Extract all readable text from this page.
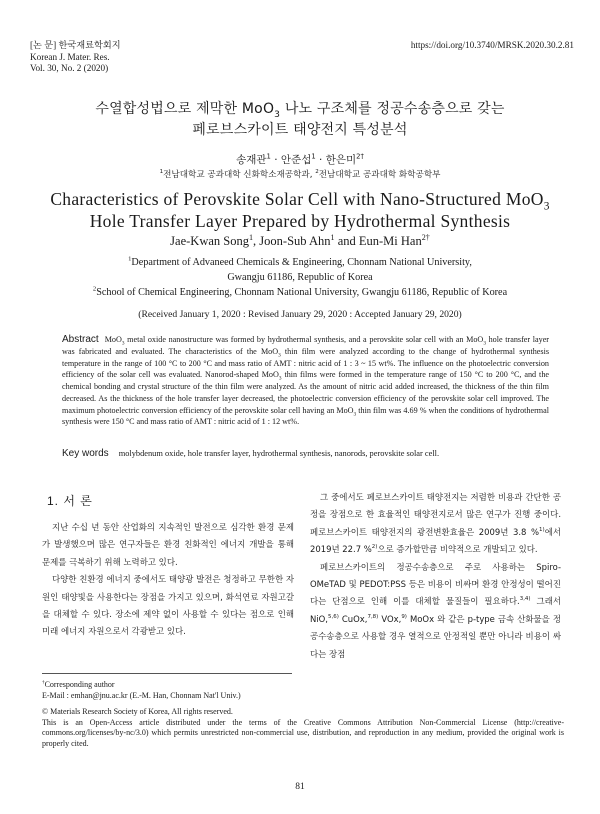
[논 문] 한국재료학회지
Korean J. Mater. Res.
Vol. 30, No. 2 (2020)
https://doi.org/10.3740/MRSK.2020.30.2.81
수열합성법으로 제막한 MoO$_3$ 나노 구조체를 정공수송층으로 갖는
페로브스카이트 태양전지 특성분석
송재관$^1$ · 안준섭$^1$ · 한은미$^{2\dagger}$
$^1$전남대학교 공과대학 신화학소재공학과, $^2$전남대학교 공과대학 화학공학부
Characteristics of Perovskite Solar Cell with Nano-Structured MoO$_3$
Hole Transfer Layer Prepared by Hydrothermal Synthesis
Jae-Kwan Song$^1$, Joon-Sub Ahn$^1$ and Eun-Mi Han$^{2\dagger}$
$^1$Department of Advaneed Chemicals & Engineering, Chonnam National University,
Gwangju 61186, Republic of Korea
$^2$School of Chemical Engineering, Chonnam National University, Gwangju 61186, Republic of Korea
(Received January 1, 2020 : Revised January 29, 2020 : Accepted January 29, 2020)
Abstract MoO$_3$ metal oxide nanostructure was formed by hydrothermal synthesis, and a perovskite solar cell with an MoO$_3$ hole transfer layer was fabricated and evaluated. The characteristics of the MoO$_3$ thin film were analyzed according to the change of hydrothermal synthesis temperature in the range of 100 °C to 200 °C and mass ratio of AMT : nitric acid of 1 : 3 ~ 15 wt%. The influence on the photoelectric conversion efficiency of the solar cell was evaluated. Nanorod-shaped MoO$_3$ thin films were formed in the temperature range of 150 °C to 200 °C, and the chemical bonding and crystal structure of the thin film were analyzed. As the amount of nitric acid added increased, the thickness of the thin film decreased. As the thickness of the hole transfer layer decreased, the photoelectric conversion efficiency of the perovskite solar cell improved. The maximum photoelectric conversion efficiency of the perovskite solar cell having an MoO$_3$ thin film was 4.69 % when the conditions of hydrothermal synthesis were 150 °C and mass ratio of AMT : nitric acid of 1 : 12 wt%.
Key words molybdenum oxide, hole transfer layer, hydrothermal synthesis, nanorods, perovskite solar cell.
1. 서 론

지난 수십 년 동안 산업화의 지속적인 발전으로 심각한 환경 문제가 발생했으며 많은 연구자들은 환경 친화적인 에너지 개발을 통해 문제를 극복하기 위해 노력하고 있다.

다양한 친환경 에너지 중에서도 태양광 발전은 청정하고 무한한 자원인 태양빛을 사용한다는 장점을 가지고 있으며, 화석연료 자원고갈을 대체할 수 있다. 장소에 제약 없이 사용할 수 있다는 점으로 인해 미래 에너지 자원으로서 각광받고 있다.

그 중에서도 페로브스카이트 태양전지는 저렴한 비용과 간단한 공정을 장점으로 한 효율적인 태양전지로서 많은 연구가 진행 중이다. 페로브스카이트 태양전지의 광전변환효율은 2009년 3.8 %$^{1)}$에서 2019년 22.7 %$^{2)}$으로 증가할만큼 비약적으로 개발되고 있다.

페로브스카이트의 정공수송층으로 주로 사용하는 Spiro-OMeTAD 및 PEDOT:PSS 등은 비용이 비싸며 환경 안정성이 떨어진다는 단점으로 인해 이를 대체할 물질들이 필요하다.$^{3,4)}$ 그래서 NiO,$^{5,6)}$ CuOx,$^{7,8)}$ VOx,$^{9)}$ MoOx 와 같은 p-type 금속 산화물을 정공수송층으로 사용할 경우 열적으로 안정적일 뿐만 아니라 비용이 싸다는 장점

†Corresponding author
E-Mail : emhan@jnu.ac.kr (E.-M. Han, Chonnam Nat'l Univ.)
© Materials Research Society of Korea, All rights reserved.
This is an Open-Access article distributed under the terms of the Creative Commons Attribution Non-Commercial License (http://creative-commons.org/licenses/by-nc/3.0) which permits unrestricted non-commercial use, distribution, and reproduction in any medium, provided the original work is properly cited.
81
